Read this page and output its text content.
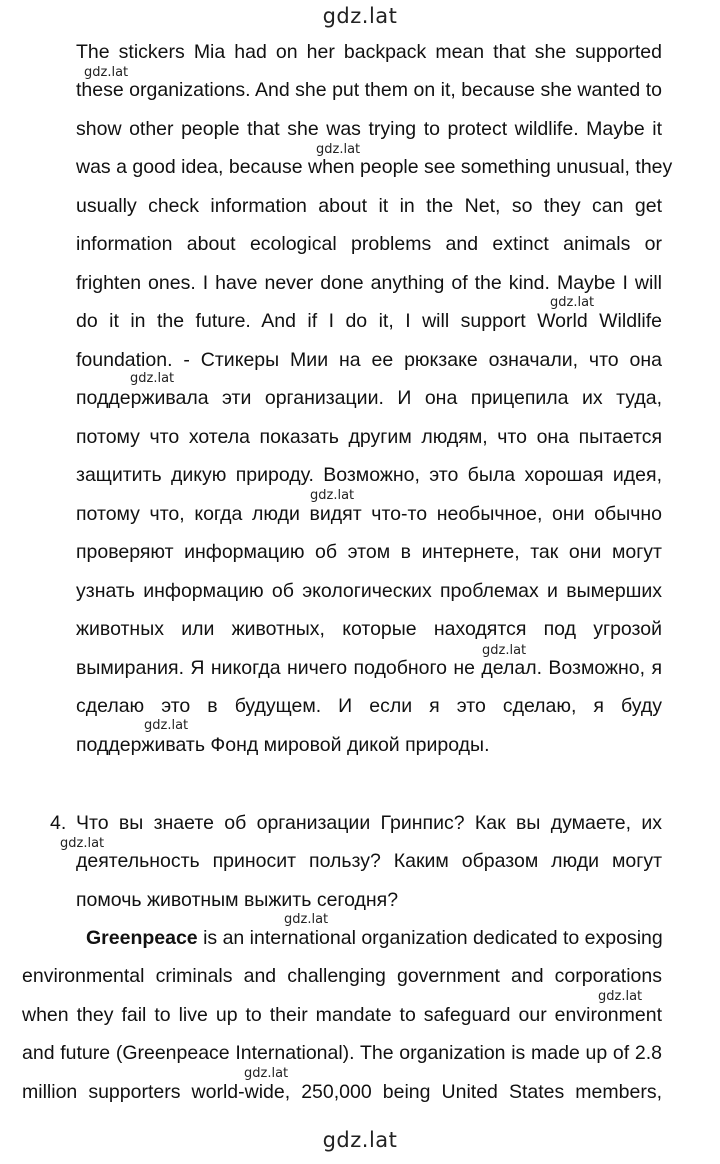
gdz.lat
The stickers Mia had on her backpack mean that she supported
these organizations. And she put them on it, because she wanted to
show other people that she was trying to protect wildlife. Maybe it
was a good idea, because when people see something unusual, they
usually check information about it in the Net, so they can get
information about ecological problems and extinct animals or
frighten ones. I have never done anything of the kind. Maybe I will
do it in the future. And if I do it, I will support World Wildlife
foundation. - Стикеры Мии на ее рюкзаке означали, что она
поддерживала эти организации. И она прицепила их туда,
потому что хотела показать другим людям, что она пытается
защитить дикую природу. Возможно, это была хорошая идея,
потому что, когда люди видят что-то необычное, они обычно
проверяют информацию об этом в интернете, так они могут
узнать информацию об экологических проблемах и вымерших
животных или животных, которые находятся под угрозой
вымирания. Я никогда ничего подобного не делал. Возможно, я
сделаю это в будущем. И если я это сделаю, я буду
поддерживать Фонд мировой дикой природы.
4. Что вы знаете об организации Гринпис? Как вы думаете, их
деятельность приносит пользу? Каким образом люди могут
помочь животным выжить сегодня?
Greenpeace is an international organization dedicated to exposing
environmental criminals and challenging government and corporations
when they fail to live up to their mandate to safeguard our environment
and future (Greenpeace International). The organization is made up of 2.8
million supporters world-wide, 250,000 being United States members,
gdz.lat
gdz.lat
gdz.lat
gdz.lat
gdz.lat
gdz.lat
gdz.lat
gdz.lat
gdz.lat
gdz.lat
gdz.lat
gdz.lat
